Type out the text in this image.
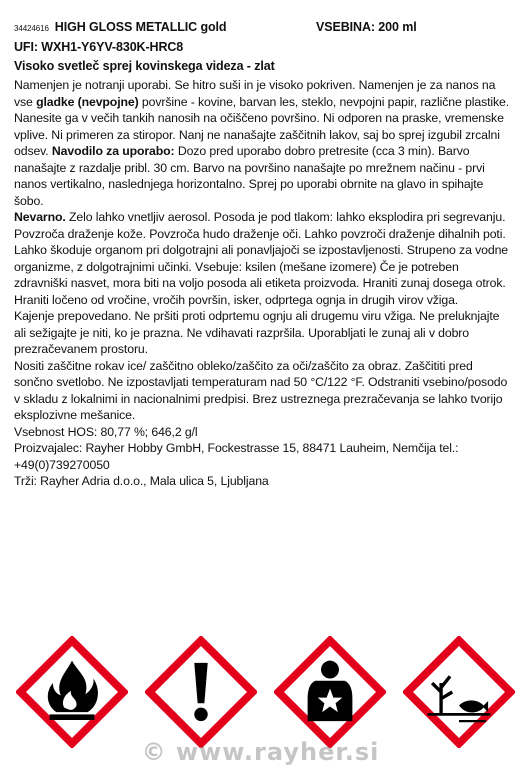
34424616 HIGH GLOSS METALLIC gold	VSEBINA: 200 ml
UFI: WXH1-Y6YV-830K-HRC8
Visoko svetleč sprej kovinskega videza - zlat

Namenjen je notranji uporabi. Se hitro suši in je visoko pokriven. Namenjen je za nanos na vse gladke (nevpojne) površine - kovine, barvan les, steklo, nevpojni papir, različne plastike. Nanesite ga v večih tankih nanosih na očiščeno površino. Ni odporen na praske, vremenske vplive. Ni primeren za stiropor. Nanj ne nanašajte zaščitnih lakov, saj bo sprej izgubil zrcalni odsev. Navodilo za uporabo: Dozo pred uporabo dobro pretresite (cca 3 min). Barvo nanašajte z razdalje pribl. 30 cm. Barvo na površino nanašajte po mrežnem načinu - prvi nanos vertikalno, naslednjega horizontalno. Sprej po uporabi obrnite na glavo in spihajte šobo.

Nevarno. Zelo lahko vnetljiv aerosol. Posoda je pod tlakom: lahko eksplodira pri segrevanju. Povzroča draženje kože. Povzroča hudo draženje oči. Lahko povzroči draženje dihalnih poti. Lahko škoduje organom pri dolgotrajni ali ponavljajoči se izpostavljenosti. Strupeno za vodne organizme, z dolgotrajnimi učinki. Vsebuje: ksilen (mešane izomere) Če je potreben zdravniški nasvet, mora biti na voljo posoda ali etiketa proizvoda. Hraniti zunaj dosega otrok. Hraniti ločeno od vročine, vročih površin, isker, odprtega ognja in drugih virov vžiga.

Kajenje prepovedano. Ne pršiti proti odprtemu ognju ali drugemu viru vžiga. Ne preluknjajte ali sežigajte je niti, ko je prazna. Ne vdihavati razpršila. Uporabljati le zunaj ali v dobro prezračevanem prostoru.

Nositi zaščitne rokav ice/ zaščitno obleko/zaščito za oči/zaščito za obraz. Zaščititi pred sončno svetlobo. Ne izpostavljati temperaturam nad 50 °C/122 °F. Odstraniti vsebino/posodo v skladu z lokalnimi in nacionalnimi predpisi. Brez ustreznega prezračevanja se lahko tvorijo eksplozivne mešanice.

Vsebnost HOS: 80,77 %; 646,2 g/l

Proizvajalec: Rayher Hobby GmbH, Fockestrasse 15, 88471 Lauheim, Nemčija tel.: +49(0)739270050

Trži: Rayher Adria d.o.o., Mala ulica 5, Ljubljana

© www.rayher.si
